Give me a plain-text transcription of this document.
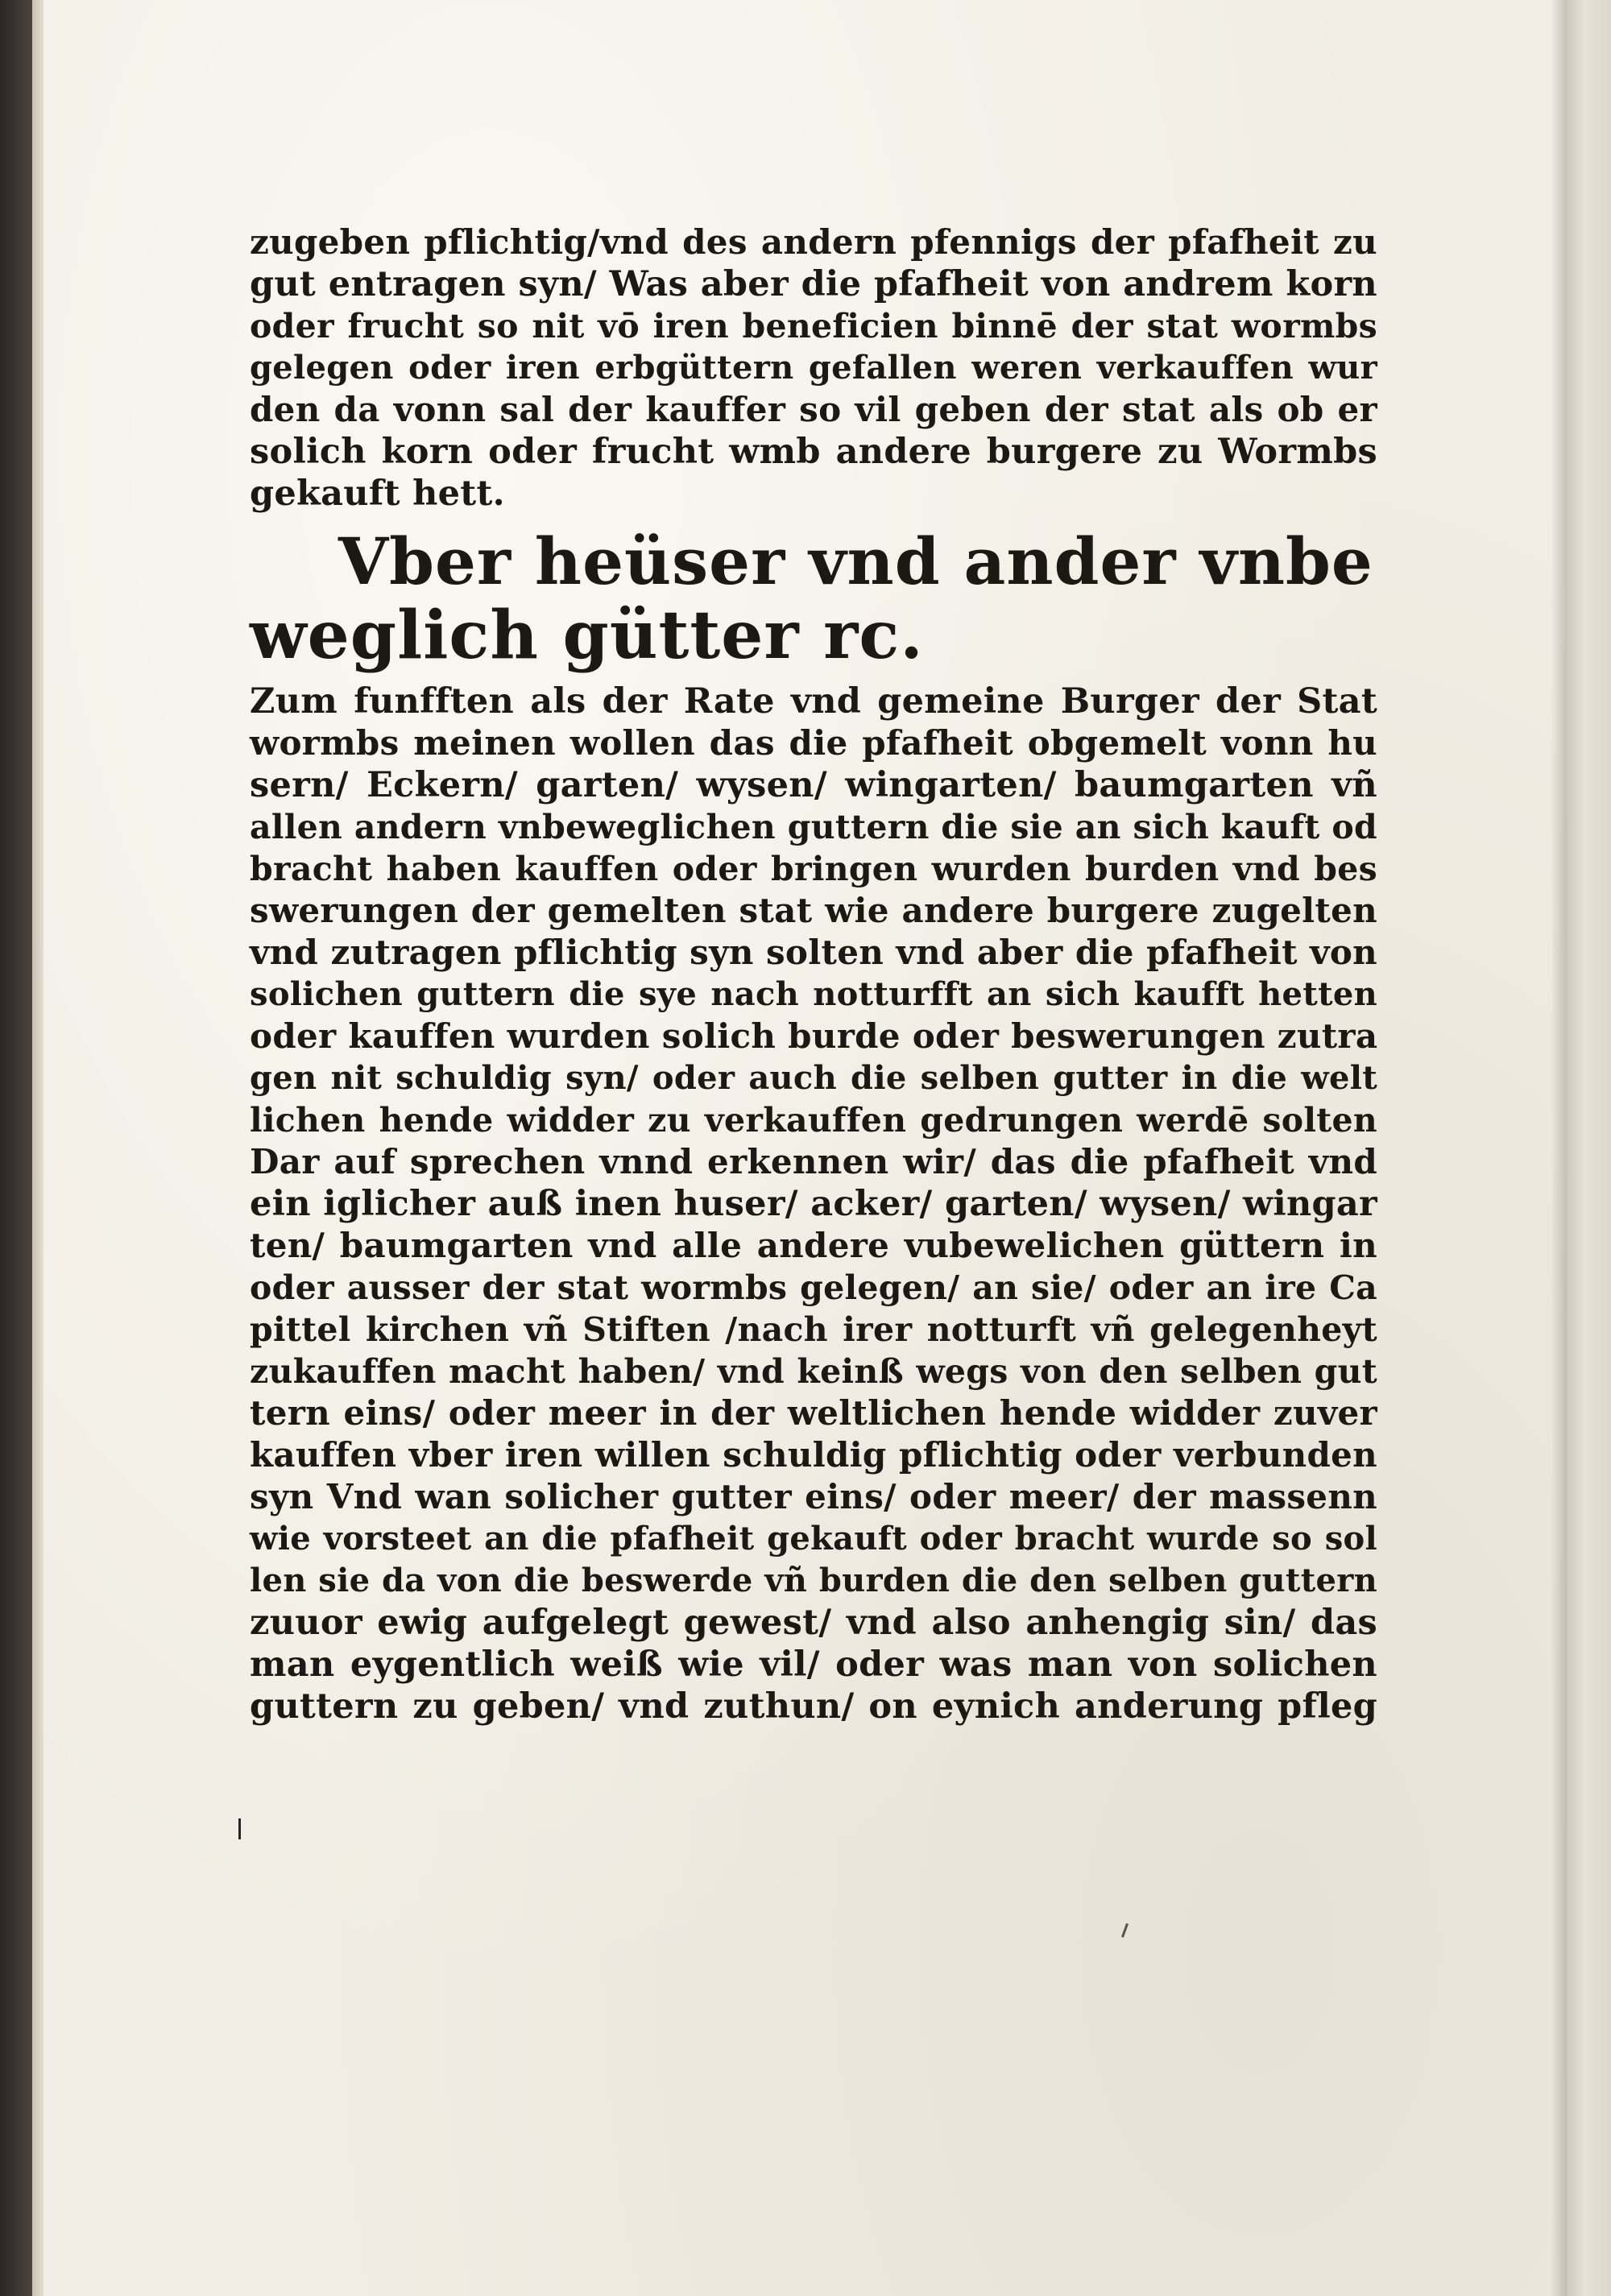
zugeben pflichtig/vnd des andern pfennigs der pfafheit zu
gut entragen syn/ Was aber die pfafheit von andrem korn
oder frucht so nit vō iren beneficien binnē der stat wormbs
gelegen oder iren erbgüttern gefallen weren verkauffen wur
den da vonn sal der kauffer so vil geben der stat als ob er
solich korn oder frucht wmb andere burgere zu Wormbs
gekauft hett.
Vber heüser vnd ander vnbe
weglich gütter rc.
Zum funfften als der Rate vnd gemeine Burger der Stat
wormbs meinen wollen das die pfafheit obgemelt vonn hu
sern/ Eckern/ garten/ wysen/ wingarten/ baumgarten vñ
allen andern vnbeweglichen guttern die sie an sich kauft od
bracht haben kauffen oder bringen wurden burden vnd bes
swerungen der gemelten stat wie andere burgere zugelten
vnd zutragen pflichtig syn solten vnd aber die pfafheit von
solichen guttern die sye nach notturfft an sich kaufft hetten
oder kauffen wurden solich burde oder beswerungen zutra
gen nit schuldig syn/ oder auch die selben gutter in die welt
lichen hende widder zu verkauffen gedrungen werdē solten
Dar auf sprechen vnnd erkennen wir/ das die pfafheit vnd
ein iglicher auß inen huser/ acker/ garten/ wysen/ wingar
ten/ baumgarten vnd alle andere vubewelichen güttern in
oder ausser der stat wormbs gelegen/ an sie/ oder an ire Ca
pittel kirchen vñ Stiften /nach irer notturft vñ gelegenheyt
zukauffen macht haben/ vnd keinß wegs von den selben gut
tern eins/ oder meer in der weltlichen hende widder zuver
kauffen vber iren willen schuldig pflichtig oder verbunden
syn Vnd wan solicher gutter eins/ oder meer/ der massenn
wie vorsteet an die pfafheit gekauft oder bracht wurde so sol
len sie da von die beswerde vñ burden die den selben guttern
zuuor ewig aufgelegt gewest/ vnd also anhengig sin/ das
man eygentlich weiß wie vil/ oder was man von solichen
guttern zu geben/ vnd zuthun/ on eynich anderung pfleg
